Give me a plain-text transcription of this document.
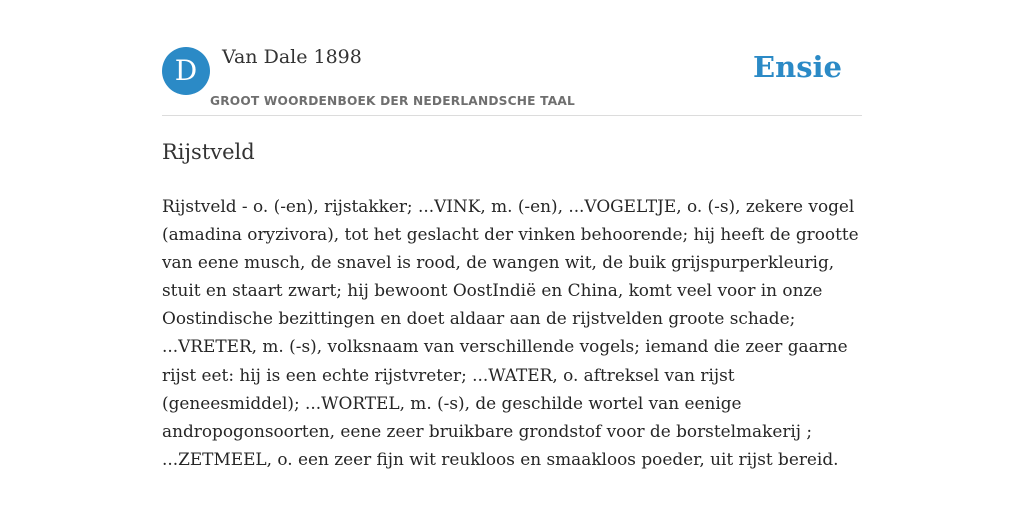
D	Van Dale 1898
GROOT WOORDENBOEK DER NEDERLANDSCHE TAAL
Ensie
Rijstveld

Rijstveld - o. (-en), rijstakker; ...VINK, m. (-en), ...VOGELTJE, o. (-s), zekere vogel
(amadina oryzivora), tot het geslacht der vinken behoorende; hij heeft de grootte
van eene musch, de snavel is rood, de wangen wit, de buik grijspurperkleurig,
stuit en staart zwart; hij bewoont OostIndië en China, komt veel voor in onze
Oostindische bezittingen en doet aldaar aan de rijstvelden groote schade;
...VRETER, m. (-s), volksnaam van verschillende vogels; iemand die zeer gaarne
rijst eet: hij is een echte rijstvreter; ...WATER, o. aftreksel van rijst
(geneesmiddel); ...WORTEL, m. (-s), de geschilde wortel van eenige
andropogonsoorten, eene zeer bruikbare grondstof voor de borstelmakerij ;
...ZETMEEL, o. een zeer fijn wit reukloos en smaakloos poeder, uit rijst bereid.
